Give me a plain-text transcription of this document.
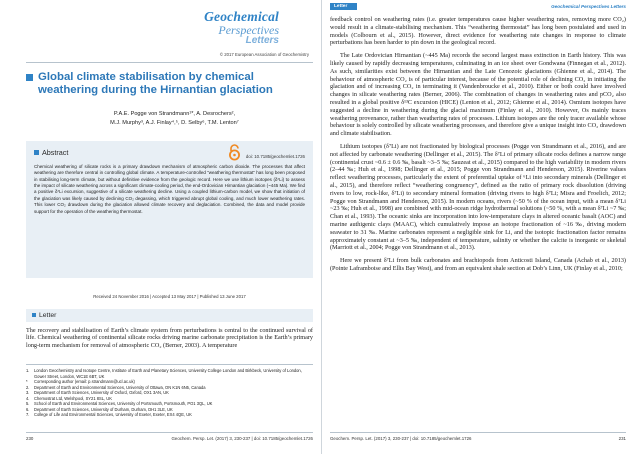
Geochemical
Perspectives
Letters
© 2017 European Association of Geochemistry
Global climate stabilisation by chemical weathering during the Hirnantian glaciation
P.A.E. Pogge von Strandmann¹*, A. Desrochers²,
M.J. Murphy³, A.J. Finlay⁴,⁵, D. Selby⁶, T.M. Lenton⁷
Abstract	doi: 10.7185/geochemlet.1726
Chemical weathering of silicate rocks is a primary drawdown mechanism of atmospheric carbon dioxide. The processes that affect weathering are therefore central in controlling global climate. A temperature-controlled “weathering thermostat” has long been proposed in stabilising long-term climate, but without definitive evidence from the geologic record. Here we use lithium isotopes (δ⁷Li) to assess the impact of silicate weathering across a significant climate-cooling period, the end-Ordovician Hirnantian glaciation (~445 Ma). We find a positive δ⁷Li excursion, suggestive of a silicate weathering decline. Using a coupled lithium-carbon model, we show that initiation of the glaciation was likely caused by declining CO₂ degassing, which triggered abrupt global cooling, and much lower weathering rates. This lower CO₂ drawdown during the glaciation allowed climate recovery and deglaciation. Combined, the data and model provide support for the operation of the weathering thermostat.
Received 24 November 2016 | Accepted 13 May 2017 | Published 13 June 2017
Letter
The recovery and stabilisation of Earth’s climate system from perturbations is central to the continued survival of life. Chemical weathering of continental silicate rocks driving marine carbonate precipitation is the Earth’s primary long-term mechanism for removal of atmospheric CO₂ (Berner, 2003). A temperature
1.	London Geochemistry and Isotope Centre, Institute of Earth and Planetary Sciences, University College London and Birkbeck, University of London, Gower Street, London, WC1E 6BT, UK
*	Corresponding author (email: p.strandmann@ucl.ac.uk)
2.	Department of Earth and Environmental Sciences, University of Ottawa, ON K1N 6N5, Canada
3.	Department of Earth Sciences, University of Oxford, Oxford, OX1 3AN, UK
4.	Chemostrat Ltd, Welshpool, SY21 8SL, UK
5.	School of Earth and Environmental Sciences, University of Portsmouth, Portsmouth, PO1 3QL, UK
6.	Department of Earth Sciences, University of Durham, Durham, DH1 3LE, UK
7.	College of Life and Environmental Sciences, University of Exeter, Exeter, EX4 4QE, UK
230	Geochem. Persp. Let. (2017) 3, 230-237 | doi: 10.7185/geochemlet.1726
Letter	Geochemical Perspectives Letters

feedback control on weathering rates (i.e. greater temperatures cause higher weathering rates, removing more CO₂) would result in a climate-stabilising mechanism. This “weathering thermostat” has long been postulated and used in models (Colbourn et al., 2015). However, direct evidence for weathering rate changes in response to climate perturbations has been harder to pin down in the geological record.

The Late Ordovician Hirnantian (~445 Ma) records the second largest mass extinction in Earth history. This was likely caused by rapidly decreasing temperatures, culminating in an ice sheet over Gondwana (Finnegan et al., 2012). As such, similarities exist between the Hirnantian and the Late Cenozoic glaciations (Ghienne et al., 2014). The behaviour of atmospheric CO₂ is of particular interest, because of the potential role of declining CO₂ in initiating the glaciation and of increasing CO₂ in terminating it (Vandenbroucke et al., 2010). Either or both could have involved changes in silicate weathering rates (Berner, 2006). The combination of changes in weathering rates and pCO₂ also resulted in a global positive δ¹³C excursion (HICE) (Lenton et al., 2012; Ghienne et al., 2014). Osmium isotopes have suggested a decline in weathering during the glacial maximum (Finlay et al., 2010). However, Os mainly traces weathering provenance, rather than weathering rates of processes. Lithium isotopes are the only tracer available whose behaviour is solely controlled by silicate weathering processes, and therefore give a unique insight into CO₂ drawdown and climate stabilisation.

Lithium isotopes (δ⁷Li) are not fractionated by biological processes (Pogge von Strandmann et al., 2016), and are not affected by carbonate weathering (Dellinger et al., 2015). The δ⁷Li of primary silicate rocks defines a narrow range (continental crust ~0.6 ± 0.6 ‰, basalt ~3–5 ‰; Sauzeat et al., 2015) compared to the high variability in modern rivers (2–44 ‰; Huh et al., 1998; Dellinger et al., 2015; Pogge von Strandmann and Henderson, 2015). Riverine values reflect weathering processes, particularly the extent of preferential uptake of ⁶Li into secondary minerals (Dellinger et al., 2015), and therefore reflect “weathering congruency”, defined as the ratio of primary rock dissolution (driving rivers to low, rock-like, δ⁷Li) to secondary mineral formation (driving rivers to high δ⁷Li; Misra and Froelich, 2012; Pogge von Strandmann and Henderson, 2015). In modern oceans, rivers (~50 % of the ocean input, with a mean δ⁷Li ~23 ‰; Huh et al., 1998) are combined with mid-ocean ridge hydrothermal solutions (~50 %, with a mean δ⁷Li ~7 ‰; Chan et al., 1993). The oceanic sinks are incorporation into low-temperature clays in altered oceanic basalt (AOC) and marine authigenic clays (MAAC), which cumulatively impose an isotope fractionation of ~16 ‰, driving modern seawater to 31 ‰. Marine carbonates represent a negligible sink for Li, and the isotopic fractionation factor remains approximately constant at ~3–5 ‰, independent of temperature, salinity or whether the calcite is inorganic or skeletal (Marriott et al., 2004; Pogge von Strandmann et al., 2013).

Here we present δ⁷Li from bulk carbonates and brachiopods from Anticosti Island, Canada (Achab et al., 2013) (Pointe Laframboise and Ellis Bay West), and from an equivalent shale section at Dob’s Linn, UK (Finlay et al., 2010;

Geochem. Persp. Let. (2017) 3, 230-237 | doi: 10.7185/geochemlet.1726	231
